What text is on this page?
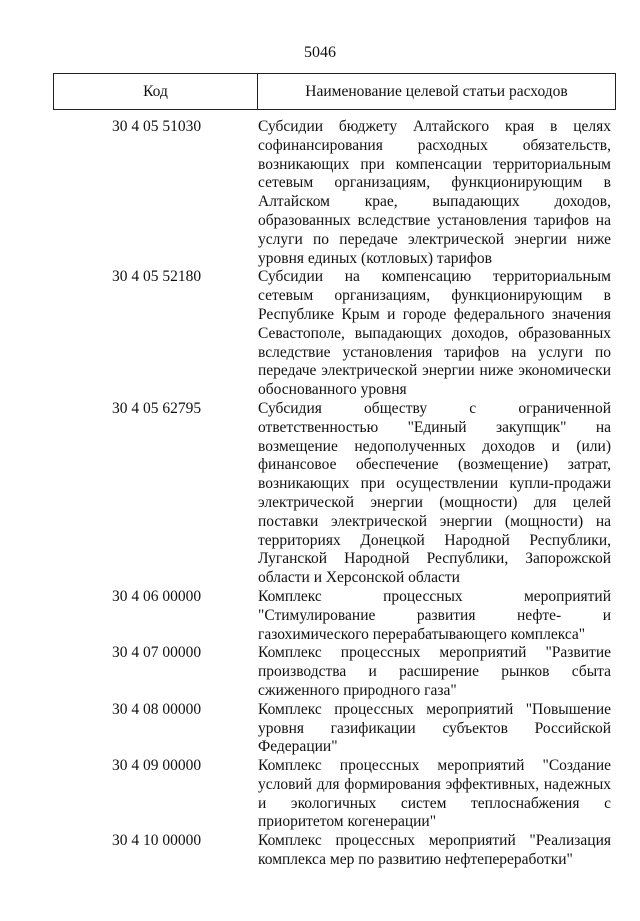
5046
Код	Наименование целевой статьи расходов
30 4 05 51030	Субсидии бюджету Алтайского края в целях софинансирования расходных обязательств, возникающих при компенсации территориальным сетевым организациям, функционирующим в Алтайском крае, выпадающих доходов, образованных вследствие установления тарифов на услуги по передаче электрической энергии ниже уровня единых (котловых) тарифов
30 4 05 52180	Субсидии на компенсацию территориальным сетевым организациям, функционирующим в Республике Крым и городе федерального значения Севастополе, выпадающих доходов, образованных вследствие установления тарифов на услуги по передаче электрической энергии ниже экономически обоснованного уровня
30 4 05 62795	Субсидия обществу с ограниченной ответственностью "Единый закупщик" на возмещение недополученных доходов и (или) финансовое обеспечение (возмещение) затрат, возникающих при осуществлении купли-продажи электрической энергии (мощности) для целей поставки электрической энергии (мощности) на территориях Донецкой Народной Республики, Луганской Народной Республики, Запорожской области и Херсонской области
30 4 06 00000	Комплекс процессных мероприятий "Стимулирование развития нефте- и газохимического перерабатывающего комплекса"
30 4 07 00000	Комплекс процессных мероприятий "Развитие производства и расширение рынков сбыта сжиженного природного газа"
30 4 08 00000	Комплекс процессных мероприятий "Повышение уровня газификации субъектов Российской Федерации"
30 4 09 00000	Комплекс процессных мероприятий "Создание условий для формирования эффективных, надежных и экологичных систем теплоснабжения с приоритетом когенерации"
30 4 10 00000	Комплекс процессных мероприятий "Реализация комплекса мер по развитию нефтепереработки"
